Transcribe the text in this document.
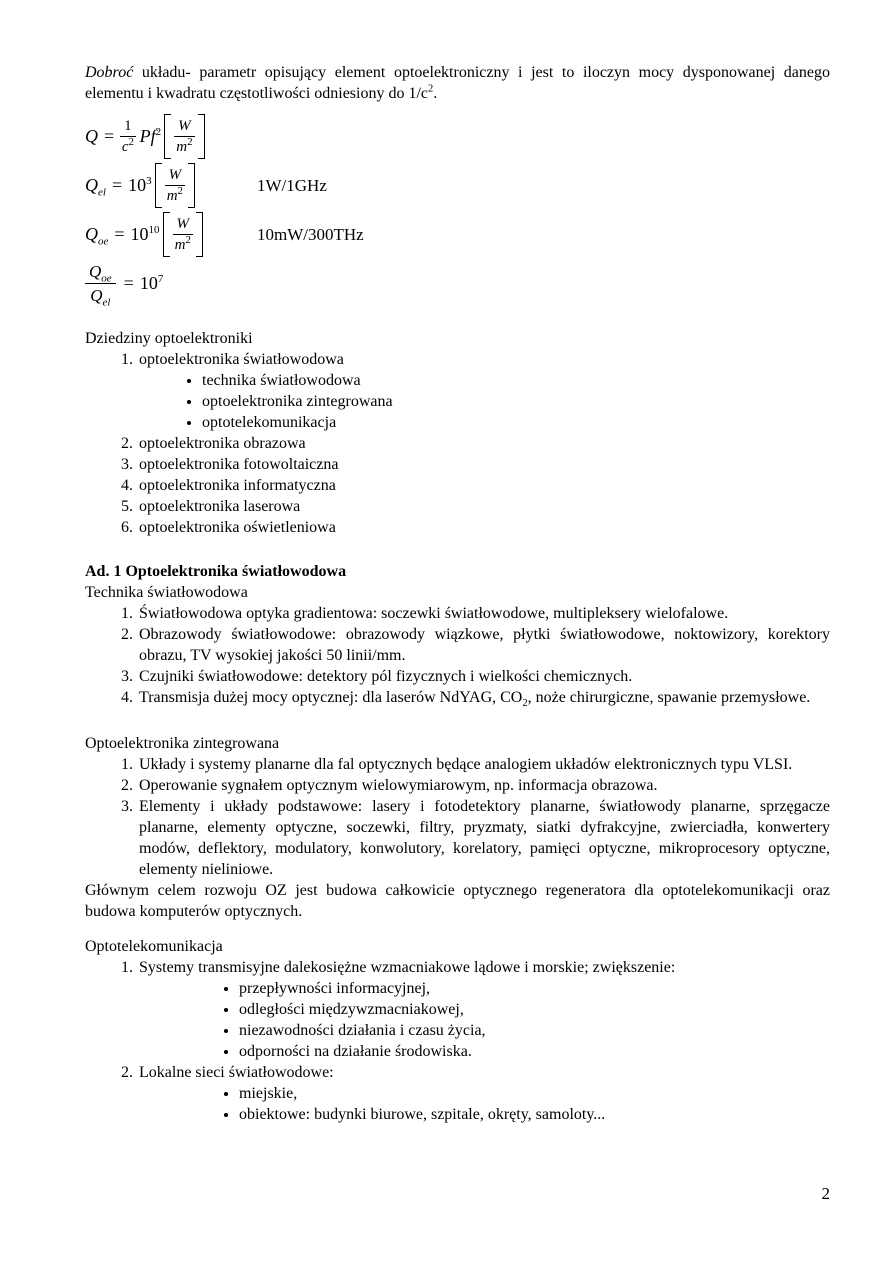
Dobroć układu- parametr opisujący element optoelektroniczny i jest to iloczyn mocy dysponowanej danego elementu i kwadratu częstotliwości odniesiony do $1/c^2$.

$Q = \frac{1}{c^2} Pf^2 \frac{W}{m^2}$
$Q_{el} = 10^3 \frac{W}{m^2}$	1W/1GHz
$Q_{oe} = 10^{10} \frac{W}{m^2}$	10mW/300THz
$\frac{Q_{oe}}{Q_{el}} = 10^7$

Dziedziny optoelektroniki

1. optoelektronika światłowodowa
• technika światłowodowa
• optoelektronika zintegrowana
• optotelekomunikacja
2. optoelektronika obrazowa
3. optoelektronika fotowoltaiczna
4. optoelektronika informatyczna
5. optoelektronika laserowa
6. optoelektronika oświetleniowa

Ad. 1 Optoelektronika światłowodowa

Technika światłowodowa

1. Światłowodowa optyka gradientowa: soczewki światłowodowe, multipleksery wielofalowe.
2. Obrazowody światłowodowe: obrazowody wiązkowe, płytki światłowodowe, noktowizory, korektory obrazu, TV wysokiej jakości 50 linii/mm.
3. Czujniki światłowodowe: detektory pól fizycznych i wielkości chemicznych.
4. Transmisja dużej mocy optycznej: dla laserów NdYAG, $CO_2$, noże chirurgiczne, spawanie przemysłowe.

Optoelektronika zintegrowana

1. Układy i systemy planarne dla fal optycznych będące analogiem układów elektronicznych typu VLSI.
2. Operowanie sygnałem optycznym wielowymiarowym, np. informacja obrazowa.
3. Elementy i układy podstawowe: lasery i fotodetektory planarne, światłowody planarne, sprzęgacze planarne, elementy optyczne, soczewki, filtry, pryzmaty, siatki dyfrakcyjne, zwierciadła, konwertery modów, deflektory, modulatory, konwolutory, korelatory, pamięci optyczne, mikroprocesory optyczne, elementy nieliniowe.

Głównym celem rozwoju OZ jest budowa całkowicie optycznego regeneratora dla optotelekomunikacji oraz budowa komputerów optycznych.

Optotelekomunikacja

1. Systemy transmisyjne dalekosiężne wzmacniakowe lądowe i morskie; zwiększenie:
• przepływności informacyjnej,
• odległości międzywzmacniakowej,
• niezawodności działania i czasu życia,
• odporności na działanie środowiska.
2. Lokalne sieci światłowodowe:
• miejskie,
• obiektowe: budynki biurowe, szpitale, okręty, samoloty...
2
